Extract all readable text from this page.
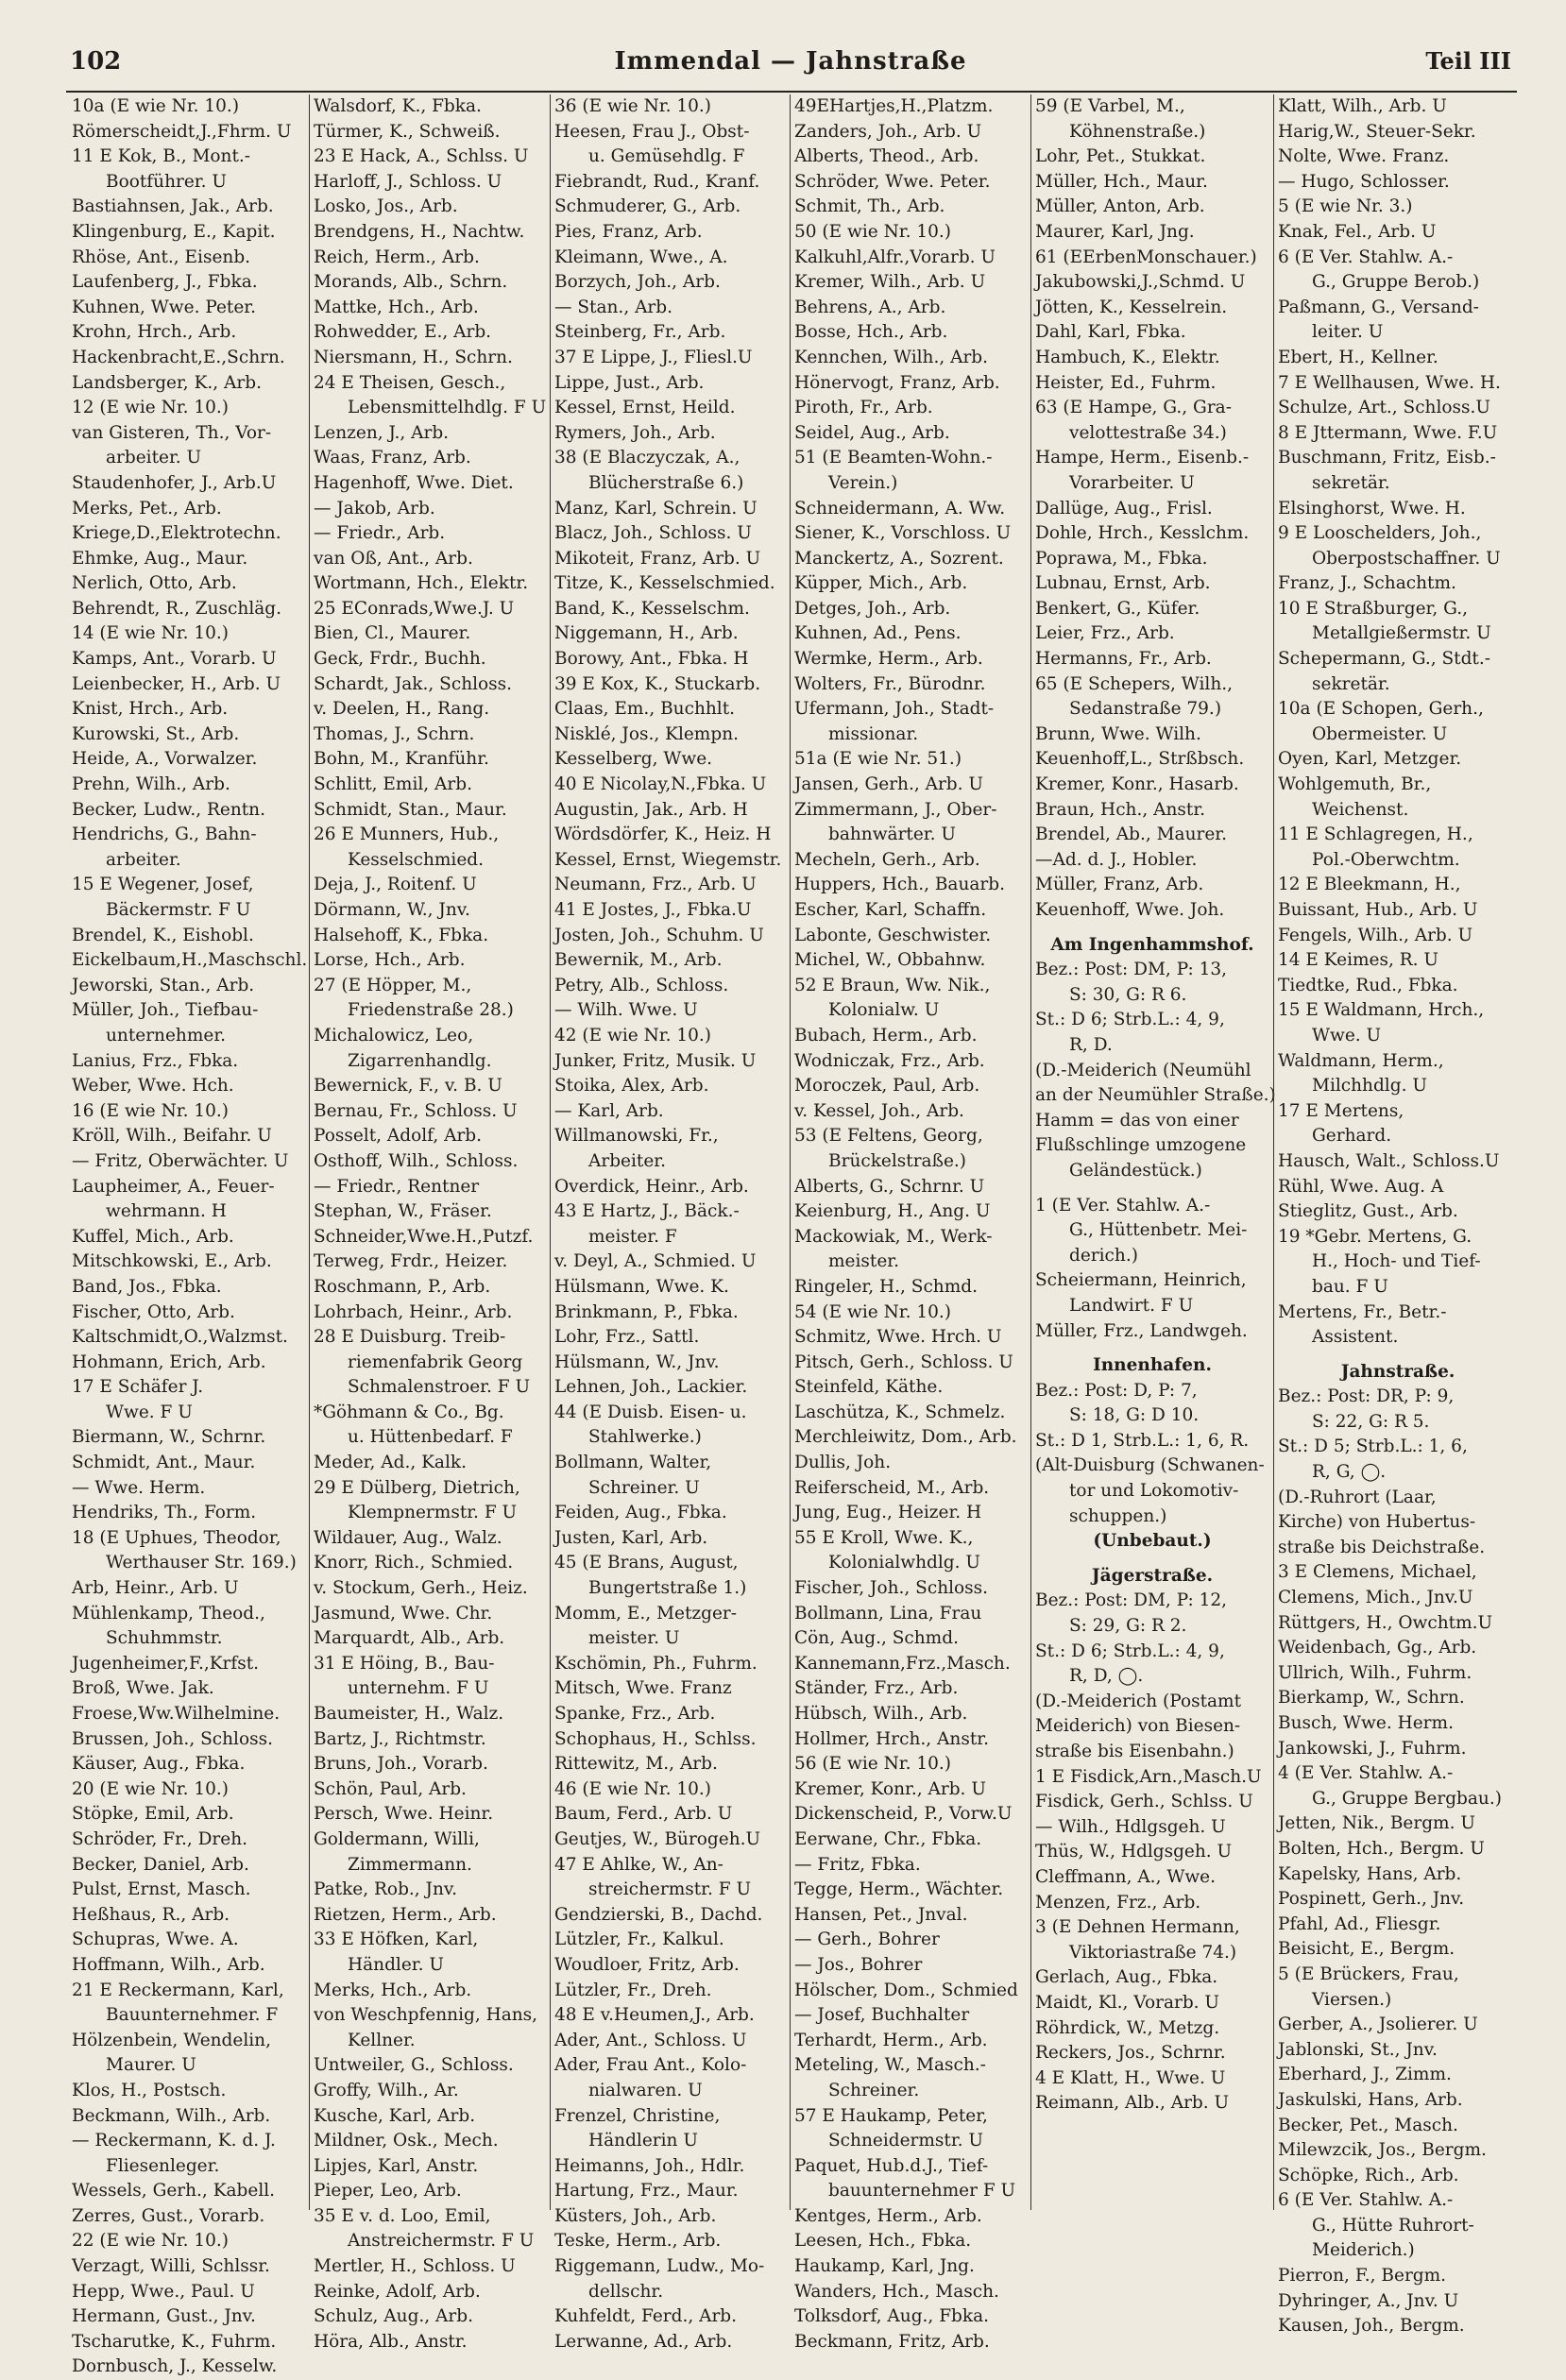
102	Immendal — Jahnstraße	Teil III
10a (E wie Nr. 10.)
Römerscheidt,J.,Fhrm. U
11 E Kok, B., Mont.-
Bootführer. U
Bastiahnsen, Jak., Arb.
Klingenburg, E., Kapit.
Rhöse, Ant., Eisenb.
Laufenberg, J., Fbka.
Kuhnen, Wwe. Peter.
Krohn, Hrch., Arb.
Hackenbracht,E.,Schrn.
Landsberger, K., Arb.
12 (E wie Nr. 10.)
van Gisteren, Th., Vor-
arbeiter. U
Staudenhofer, J., Arb.U
Merks, Pet., Arb.
Kriege,D.,Elektrotechn.
Ehmke, Aug., Maur.
Nerlich, Otto, Arb.
Behrendt, R., Zuschläg.
14 (E wie Nr. 10.)
Kamps, Ant., Vorarb. U
Leienbecker, H., Arb. U
Knist, Hrch., Arb.
Kurowski, St., Arb.
Heide, A., Vorwalzer.
Prehn, Wilh., Arb.
Becker, Ludw., Rentn.
Hendrichs, G., Bahn-
arbeiter.
15 E Wegener, Josef,
Bäckermstr. F U
Brendel, K., Eishobl.
Eickelbaum,H.,Maschschl.
Jeworski, Stan., Arb.
Müller, Joh., Tiefbau-
unternehmer.
Lanius, Frz., Fbka.
Weber, Wwe. Hch.
16 (E wie Nr. 10.)
Kröll, Wilh., Beifahr. U
— Fritz, Oberwächter. U
Laupheimer, A., Feuer-
wehrmann. H
Kuffel, Mich., Arb.
Mitschkowski, E., Arb.
Band, Jos., Fbka.
Fischer, Otto, Arb.
Kaltschmidt,O.,Walzmst.
Hohmann, Erich, Arb.
17 E Schäfer J.
Wwe. F U
Biermann, W., Schrnr.
Schmidt, Ant., Maur.
— Wwe. Herm.
Hendriks, Th., Form.
18 (E Uphues, Theodor,
Werthauser Str. 169.)
Arb, Heinr., Arb. U
Mühlenkamp, Theod.,
Schuhmmstr.
Jugenheimer,F.,Krfst.
Broß, Wwe. Jak.
Froese,Ww.Wilhelmine.
Brussen, Joh., Schloss.
Käuser, Aug., Fbka.
20 (E wie Nr. 10.)
Stöpke, Emil, Arb.
Schröder, Fr., Dreh.
Becker, Daniel, Arb.
Pulst, Ernst, Masch.
Heßhaus, R., Arb.
Schupras, Wwe. A.
Hoffmann, Wilh., Arb.
21 E Reckermann, Karl,
Bauunternehmer. F
Hölzenbein, Wendelin,
Maurer. U
Klos, H., Postsch.
Beckmann, Wilh., Arb.
— Reckermann, K. d. J.
Fliesenleger.
Wessels, Gerh., Kabell.
Zerres, Gust., Vorarb.
22 (E wie Nr. 10.)
Verzagt, Willi, Schlssr.
Hepp, Wwe., Paul. U
Hermann, Gust., Jnv.
Tscharutke, K., Fuhrm.
Dornbusch, J., Kesselw.
Walsdorf, K., Fbka.
Türmer, K., Schweiß.
23 E Hack, A., Schlss. U
Harloff, J., Schloss. U
Losko, Jos., Arb.
Brendgens, H., Nachtw.
Reich, Herm., Arb.
Morands, Alb., Schrn.
Mattke, Hch., Arb.
Rohwedder, E., Arb.
Niersmann, H., Schrn.
24 E Theisen, Gesch.,
Lebensmittelhdlg. F U
Lenzen, J., Arb.
Waas, Franz, Arb.
Hagenhoff, Wwe. Diet.
— Jakob, Arb.
— Friedr., Arb.
van Oß, Ant., Arb.
Wortmann, Hch., Elektr.
25 EConrads,Wwe.J. U
Bien, Cl., Maurer.
Geck, Frdr., Buchh.
Schardt, Jak., Schloss.
v. Deelen, H., Rang.
Thomas, J., Schrn.
Bohn, M., Kranführ.
Schlitt, Emil, Arb.
Schmidt, Stan., Maur.
26 E Munners, Hub.,
Kesselschmied.
Deja, J., Roitenf. U
Dörmann, W., Jnv.
Halsehoff, K., Fbka.
Lorse, Hch., Arb.
27 (E Höpper, M.,
Friedenstraße 28.)
Michalowicz, Leo,
Zigarrenhandlg.
Bewernick, F., v. B. U
Bernau, Fr., Schloss. U
Posselt, Adolf, Arb.
Osthoff, Wilh., Schloss.
— Friedr., Rentner
Stephan, W., Fräser.
Schneider,Wwe.H.,Putzf.
Terweg, Frdr., Heizer.
Roschmann, P., Arb.
Lohrbach, Heinr., Arb.
28 E Duisburg. Treib-
riemenfabrik Georg
Schmalenstroer. F U
*Göhmann & Co., Bg.
u. Hüttenbedarf. F
Meder, Ad., Kalk.
29 E Dülberg, Dietrich,
Klempnermstr. F U
Wildauer, Aug., Walz.
Knorr, Rich., Schmied.
v. Stockum, Gerh., Heiz.
Jasmund, Wwe. Chr.
Marquardt, Alb., Arb.
31 E Höing, B., Bau-
unternehm. F U
Baumeister, H., Walz.
Bartz, J., Richtmstr.
Bruns, Joh., Vorarb.
Schön, Paul, Arb.
Persch, Wwe. Heinr.
Goldermann, Willi,
Zimmermann.
Patke, Rob., Jnv.
Rietzen, Herm., Arb.
33 E Höfken, Karl,
Händler. U
Merks, Hch., Arb.
von Weschpfennig, Hans,
Kellner.
Untweiler, G., Schloss.
Groffy, Wilh., Ar.
Kusche, Karl, Arb.
Mildner, Osk., Mech.
Lipjes, Karl, Anstr.
Pieper, Leo, Arb.
35 E v. d. Loo, Emil,
Anstreichermstr. F U
Mertler, H., Schloss. U
Reinke, Adolf, Arb.
Schulz, Aug., Arb.
Höra, Alb., Anstr.
36 (E wie Nr. 10.)
Heesen, Frau J., Obst-
u. Gemüsehdlg. F
Fiebrandt, Rud., Kranf.
Schmuderer, G., Arb.
Pies, Franz, Arb.
Kleimann, Wwe., A.
Borzych, Joh., Arb.
— Stan., Arb.
Steinberg, Fr., Arb.
37 E Lippe, J., Fliesl.U
Lippe, Just., Arb.
Kessel, Ernst, Heild.
Rymers, Joh., Arb.
38 (E Blaczyczak, A.,
Blücherstraße 6.)
Manz, Karl, Schrein. U
Blacz, Joh., Schloss. U
Mikoteit, Franz, Arb. U
Titze, K., Kesselschmied.
Band, K., Kesselschm.
Niggemann, H., Arb.
Borowy, Ant., Fbka. H
39 E Kox, K., Stuckarb.
Claas, Em., Buchhlt.
Nisklé, Jos., Klempn.
Kesselberg, Wwe.
40 E Nicolay,N.,Fbka. U
Augustin, Jak., Arb. H
Wördsdörfer, K., Heiz. H
Kessel, Ernst, Wiegemstr.
Neumann, Frz., Arb. U
41 E Jostes, J., Fbka.U
Josten, Joh., Schuhm. U
Bewernik, M., Arb.
Petry, Alb., Schloss.
— Wilh. Wwe. U
42 (E wie Nr. 10.)
Junker, Fritz, Musik. U
Stoika, Alex, Arb.
— Karl, Arb.
Willmanowski, Fr.,
Arbeiter.
Overdick, Heinr., Arb.
43 E Hartz, J., Bäck.-
meister. F
v. Deyl, A., Schmied. U
Hülsmann, Wwe. K.
Brinkmann, P., Fbka.
Lohr, Frz., Sattl.
Hülsmann, W., Jnv.
Lehnen, Joh., Lackier.
44 (E Duisb. Eisen- u.
Stahlwerke.)
Bollmann, Walter,
Schreiner. U
Feiden, Aug., Fbka.
Justen, Karl, Arb.
45 (E Brans, August,
Bungertstraße 1.)
Momm, E., Metzger-
meister. U
Kschömin, Ph., Fuhrm.
Mitsch, Wwe. Franz
Spanke, Frz., Arb.
Schophaus, H., Schlss.
Rittewitz, M., Arb.
46 (E wie Nr. 10.)
Baum, Ferd., Arb. U
Geutjes, W., Bürogeh.U
47 E Ahlke, W., An-
streichermstr. F U
Gendzierski, B., Dachd.
Lützler, Fr., Kalkul.
Woudloer, Fritz, Arb.
Lützler, Fr., Dreh.
48 E v.Heumen,J., Arb.
Ader, Ant., Schloss. U
Ader, Frau Ant., Kolo-
nialwaren. U
Frenzel, Christine,
Händlerin U
Heimanns, Joh., Hdlr.
Hartung, Frz., Maur.
Küsters, Joh., Arb.
Teske, Herm., Arb.
Riggemann, Ludw., Mo-
dellschr.
Kuhfeldt, Ferd., Arb.
Lerwanne, Ad., Arb.
49EHartjes,H.,Platzm.
Zanders, Joh., Arb. U
Alberts, Theod., Arb.
Schröder, Wwe. Peter.
Schmit, Th., Arb.
50 (E wie Nr. 10.)
Kalkuhl,Alfr.,Vorarb. U
Kremer, Wilh., Arb. U
Behrens, A., Arb.
Bosse, Hch., Arb.
Kennchen, Wilh., Arb.
Hönervogt, Franz, Arb.
Piroth, Fr., Arb.
Seidel, Aug., Arb.
51 (E Beamten-Wohn.-
Verein.)
Schneidermann, A. Ww.
Siener, K., Vorschloss. U
Manckertz, A., Sozrent.
Küpper, Mich., Arb.
Detges, Joh., Arb.
Kuhnen, Ad., Pens.
Wermke, Herm., Arb.
Wolters, Fr., Bürodnr.
Ufermann, Joh., Stadt-
missionar.
51a (E wie Nr. 51.)
Jansen, Gerh., Arb. U
Zimmermann, J., Ober-
bahnwärter. U
Mecheln, Gerh., Arb.
Huppers, Hch., Bauarb.
Escher, Karl, Schaffn.
Labonte, Geschwister.
Michel, W., Obbahnw.
52 E Braun, Ww. Nik.,
Kolonialw. U
Bubach, Herm., Arb.
Wodniczak, Frz., Arb.
Moroczek, Paul, Arb.
v. Kessel, Joh., Arb.
53 (E Feltens, Georg,
Brückelstraße.)
Alberts, G., Schrnr. U
Keienburg, H., Ang. U
Mackowiak, M., Werk-
meister.
Ringeler, H., Schmd.
54 (E wie Nr. 10.)
Schmitz, Wwe. Hrch. U
Pitsch, Gerh., Schloss. U
Steinfeld, Käthe.
Laschütza, K., Schmelz.
Merchleiwitz, Dom., Arb.
Dullis, Joh.
Reiferscheid, M., Arb.
Jung, Eug., Heizer. H
55 E Kroll, Wwe. K.,
Kolonialwhdlg. U
Fischer, Joh., Schloss.
Bollmann, Lina, Frau
Cön, Aug., Schmd.
Kannemann,Frz.,Masch.
Ständer, Frz., Arb.
Hübsch, Wilh., Arb.
Hollmer, Hrch., Anstr.
56 (E wie Nr. 10.)
Kremer, Konr., Arb. U
Dickenscheid, P., Vorw.U
Eerwane, Chr., Fbka.
— Fritz, Fbka.
Tegge, Herm., Wächter.
Hansen, Pet., Jnval.
— Gerh., Bohrer
— Jos., Bohrer
Hölscher, Dom., Schmied
— Josef, Buchhalter
Terhardt, Herm., Arb.
Meteling, W., Masch.-
Schreiner.
57 E Haukamp, Peter,
Schneidermstr. U
Paquet, Hub.d.J., Tief-
bauunternehmer F U
Kentges, Herm., Arb.
Leesen, Hch., Fbka.
Haukamp, Karl, Jng.
Wanders, Hch., Masch.
Tolksdorf, Aug., Fbka.
Beckmann, Fritz, Arb.
59 (E Varbel, M.,
Köhnenstraße.)
Lohr, Pet., Stukkat.
Müller, Hch., Maur.
Müller, Anton, Arb.
Maurer, Karl, Jng.
61 (EErbenMonschauer.)
Jakubowski,J.,Schmd. U
Jötten, K., Kesselrein.
Dahl, Karl, Fbka.
Hambuch, K., Elektr.
Heister, Ed., Fuhrm.
63 (E Hampe, G., Gra-
velottestraße 34.)
Hampe, Herm., Eisenb.-
Vorarbeiter. U
Dallüge, Aug., Frisl.
Dohle, Hrch., Kesslchm.
Poprawa, M., Fbka.
Lubnau, Ernst, Arb.
Benkert, G., Küfer.
Leier, Frz., Arb.
Hermanns, Fr., Arb.
65 (E Schepers, Wilh.,
Sedanstraße 79.)
Brunn, Wwe. Wilh.
Keuenhoff,L., Strßbsch.
Kremer, Konr., Hasarb.
Braun, Hch., Anstr.
Brendel, Ab., Maurer.
—Ad. d. J., Hobler.
Müller, Franz, Arb.
Keuenhoff, Wwe. Joh.
Am Ingenhammshof.
Bez.: Post: DM, P: 13,
S: 30, G: R 6.
St.: D 6; Strb.L.: 4, 9,
R, D.
(D.-Meiderich (Neumühl
an der Neumühler Straße.)
Hamm = das von einer
Flußschlinge umzogene
Geländestück.)
1 (E Ver. Stahlw. A.-
G., Hüttenbetr. Mei-
derich.)
Scheiermann, Heinrich,
Landwirt. F U
Müller, Frz., Landwgeh.
Innenhafen.
Bez.: Post: D, P: 7,
S: 18, G: D 10.
St.: D 1, Strb.L.: 1, 6, R.
(Alt-Duisburg (Schwanen-
tor und Lokomotiv-
schuppen.)
(Unbebaut.)
Jägerstraße.
Bez.: Post: DM, P: 12,
S: 29, G: R 2.
St.: D 6; Strb.L.: 4, 9,
R, D, ◯.
(D.-Meiderich (Postamt
Meiderich) von Biesen-
straße bis Eisenbahn.)
1 E Fisdick,Arn.,Masch.U
Fisdick, Gerh., Schlss. U
— Wilh., Hdlgsgeh. U
Thüs, W., Hdlgsgeh. U
Cleffmann, A., Wwe.
Menzen, Frz., Arb.
3 (E Dehnen Hermann,
Viktoriastraße 74.)
Gerlach, Aug., Fbka.
Maidt, Kl., Vorarb. U
Röhrdick, W., Metzg.
Reckers, Jos., Schrnr.
4 E Klatt, H., Wwe. U
Reimann, Alb., Arb. U
Klatt, Wilh., Arb. U
Harig,W., Steuer-Sekr.
Nolte, Wwe. Franz.
— Hugo, Schlosser.
5 (E wie Nr. 3.)
Knak, Fel., Arb. U
6 (E Ver. Stahlw. A.-
G., Gruppe Berob.)
Paßmann, G., Versand-
leiter. U
Ebert, H., Kellner.
7 E Wellhausen, Wwe. H.
Schulze, Art., Schloss.U
8 E Jttermann, Wwe. F.U
Buschmann, Fritz, Eisb.-
sekretär.
Elsinghorst, Wwe. H.
9 E Looschelders, Joh.,
Oberpostschaffner. U
Franz, J., Schachtm.
10 E Straßburger, G.,
Metallgießermstr. U
Schepermann, G., Stdt.-
sekretär.
10a (E Schopen, Gerh.,
Obermeister. U
Oyen, Karl, Metzger.
Wohlgemuth, Br.,
Weichenst.
11 E Schlagregen, H.,
Pol.-Oberwchtm.
12 E Bleekmann, H.,
Buissant, Hub., Arb. U
Fengels, Wilh., Arb. U
14 E Keimes, R. U
Tiedtke, Rud., Fbka.
15 E Waldmann, Hrch.,
Wwe. U
Waldmann, Herm.,
Milchhdlg. U
17 E Mertens,
Gerhard.
Hausch, Walt., Schloss.U
Rühl, Wwe. Aug. A
Stieglitz, Gust., Arb.
19 *Gebr. Mertens, G.
H., Hoch- und Tief-
bau. F U
Mertens, Fr., Betr.-
Assistent.
Jahnstraße.
Bez.: Post: DR, P: 9,
S: 22, G: R 5.
St.: D 5; Strb.L.: 1, 6,
R, G, ◯.
(D.-Ruhrort (Laar,
Kirche) von Hubertus-
straße bis Deichstraße.
3 E Clemens, Michael,
Clemens, Mich., Jnv.U
Rüttgers, H., Owchtm.U
Weidenbach, Gg., Arb.
Ullrich, Wilh., Fuhrm.
Bierkamp, W., Schrn.
Busch, Wwe. Herm.
Jankowski, J., Fuhrm.
4 (E Ver. Stahlw. A.-
G., Gruppe Bergbau.)
Jetten, Nik., Bergm. U
Bolten, Hch., Bergm. U
Kapelsky, Hans, Arb.
Pospinett, Gerh., Jnv.
Pfahl, Ad., Fliesgr.
Beisicht, E., Bergm.
5 (E Brückers, Frau,
Viersen.)
Gerber, A., Jsolierer. U
Jablonski, St., Jnv.
Eberhard, J., Zimm.
Jaskulski, Hans, Arb.
Becker, Pet., Masch.
Milewzcik, Jos., Bergm.
Schöpke, Rich., Arb.
6 (E Ver. Stahlw. A.-
G., Hütte Ruhrort-
Meiderich.)
Pierron, F., Bergm.
Dyhringer, A., Jnv. U
Kausen, Joh., Bergm.
